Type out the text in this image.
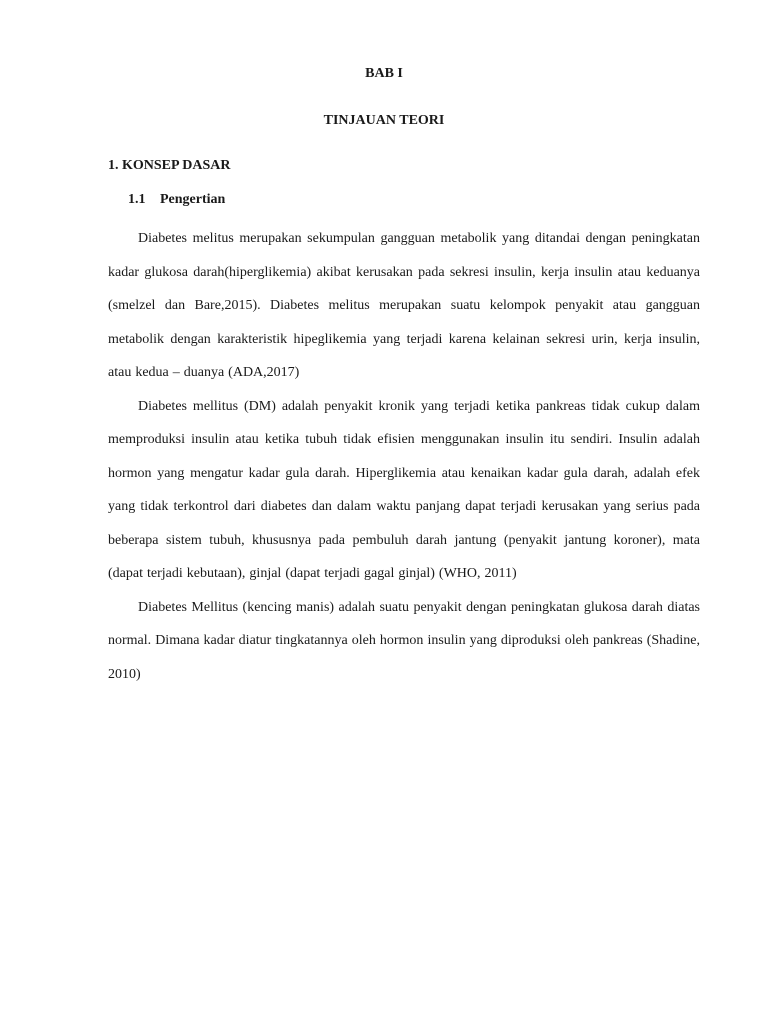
BAB I
TINJAUAN TEORI
1. KONSEP DASAR
1.1 Pengertian

Diabetes melitus merupakan sekumpulan gangguan metabolik yang ditandai dengan peningkatan kadar glukosa darah(hiperglikemia) akibat kerusakan pada sekresi insulin, kerja insulin atau keduanya (smelzel dan Bare,2015). Diabetes melitus merupakan suatu kelompok penyakit atau gangguan metabolik dengan karakteristik hipeglikemia yang terjadi karena kelainan sekresi urin, kerja insulin, atau kedua – duanya (ADA,2017)

Diabetes mellitus (DM) adalah penyakit kronik yang terjadi ketika pankreas tidak cukup dalam memproduksi insulin atau ketika tubuh tidak efisien menggunakan insulin itu sendiri. Insulin adalah hormon yang mengatur kadar gula darah. Hiperglikemia atau kenaikan kadar gula darah, adalah efek yang tidak terkontrol dari diabetes dan dalam waktu panjang dapat terjadi kerusakan yang serius pada beberapa sistem tubuh, khususnya pada pembuluh darah jantung (penyakit jantung koroner), mata (dapat terjadi kebutaan), ginjal (dapat terjadi gagal ginjal) (WHO, 2011)

Diabetes Mellitus (kencing manis) adalah suatu penyakit dengan peningkatan glukosa darah diatas normal. Dimana kadar diatur tingkatannya oleh hormon insulin yang diproduksi oleh pankreas (Shadine, 2010)
